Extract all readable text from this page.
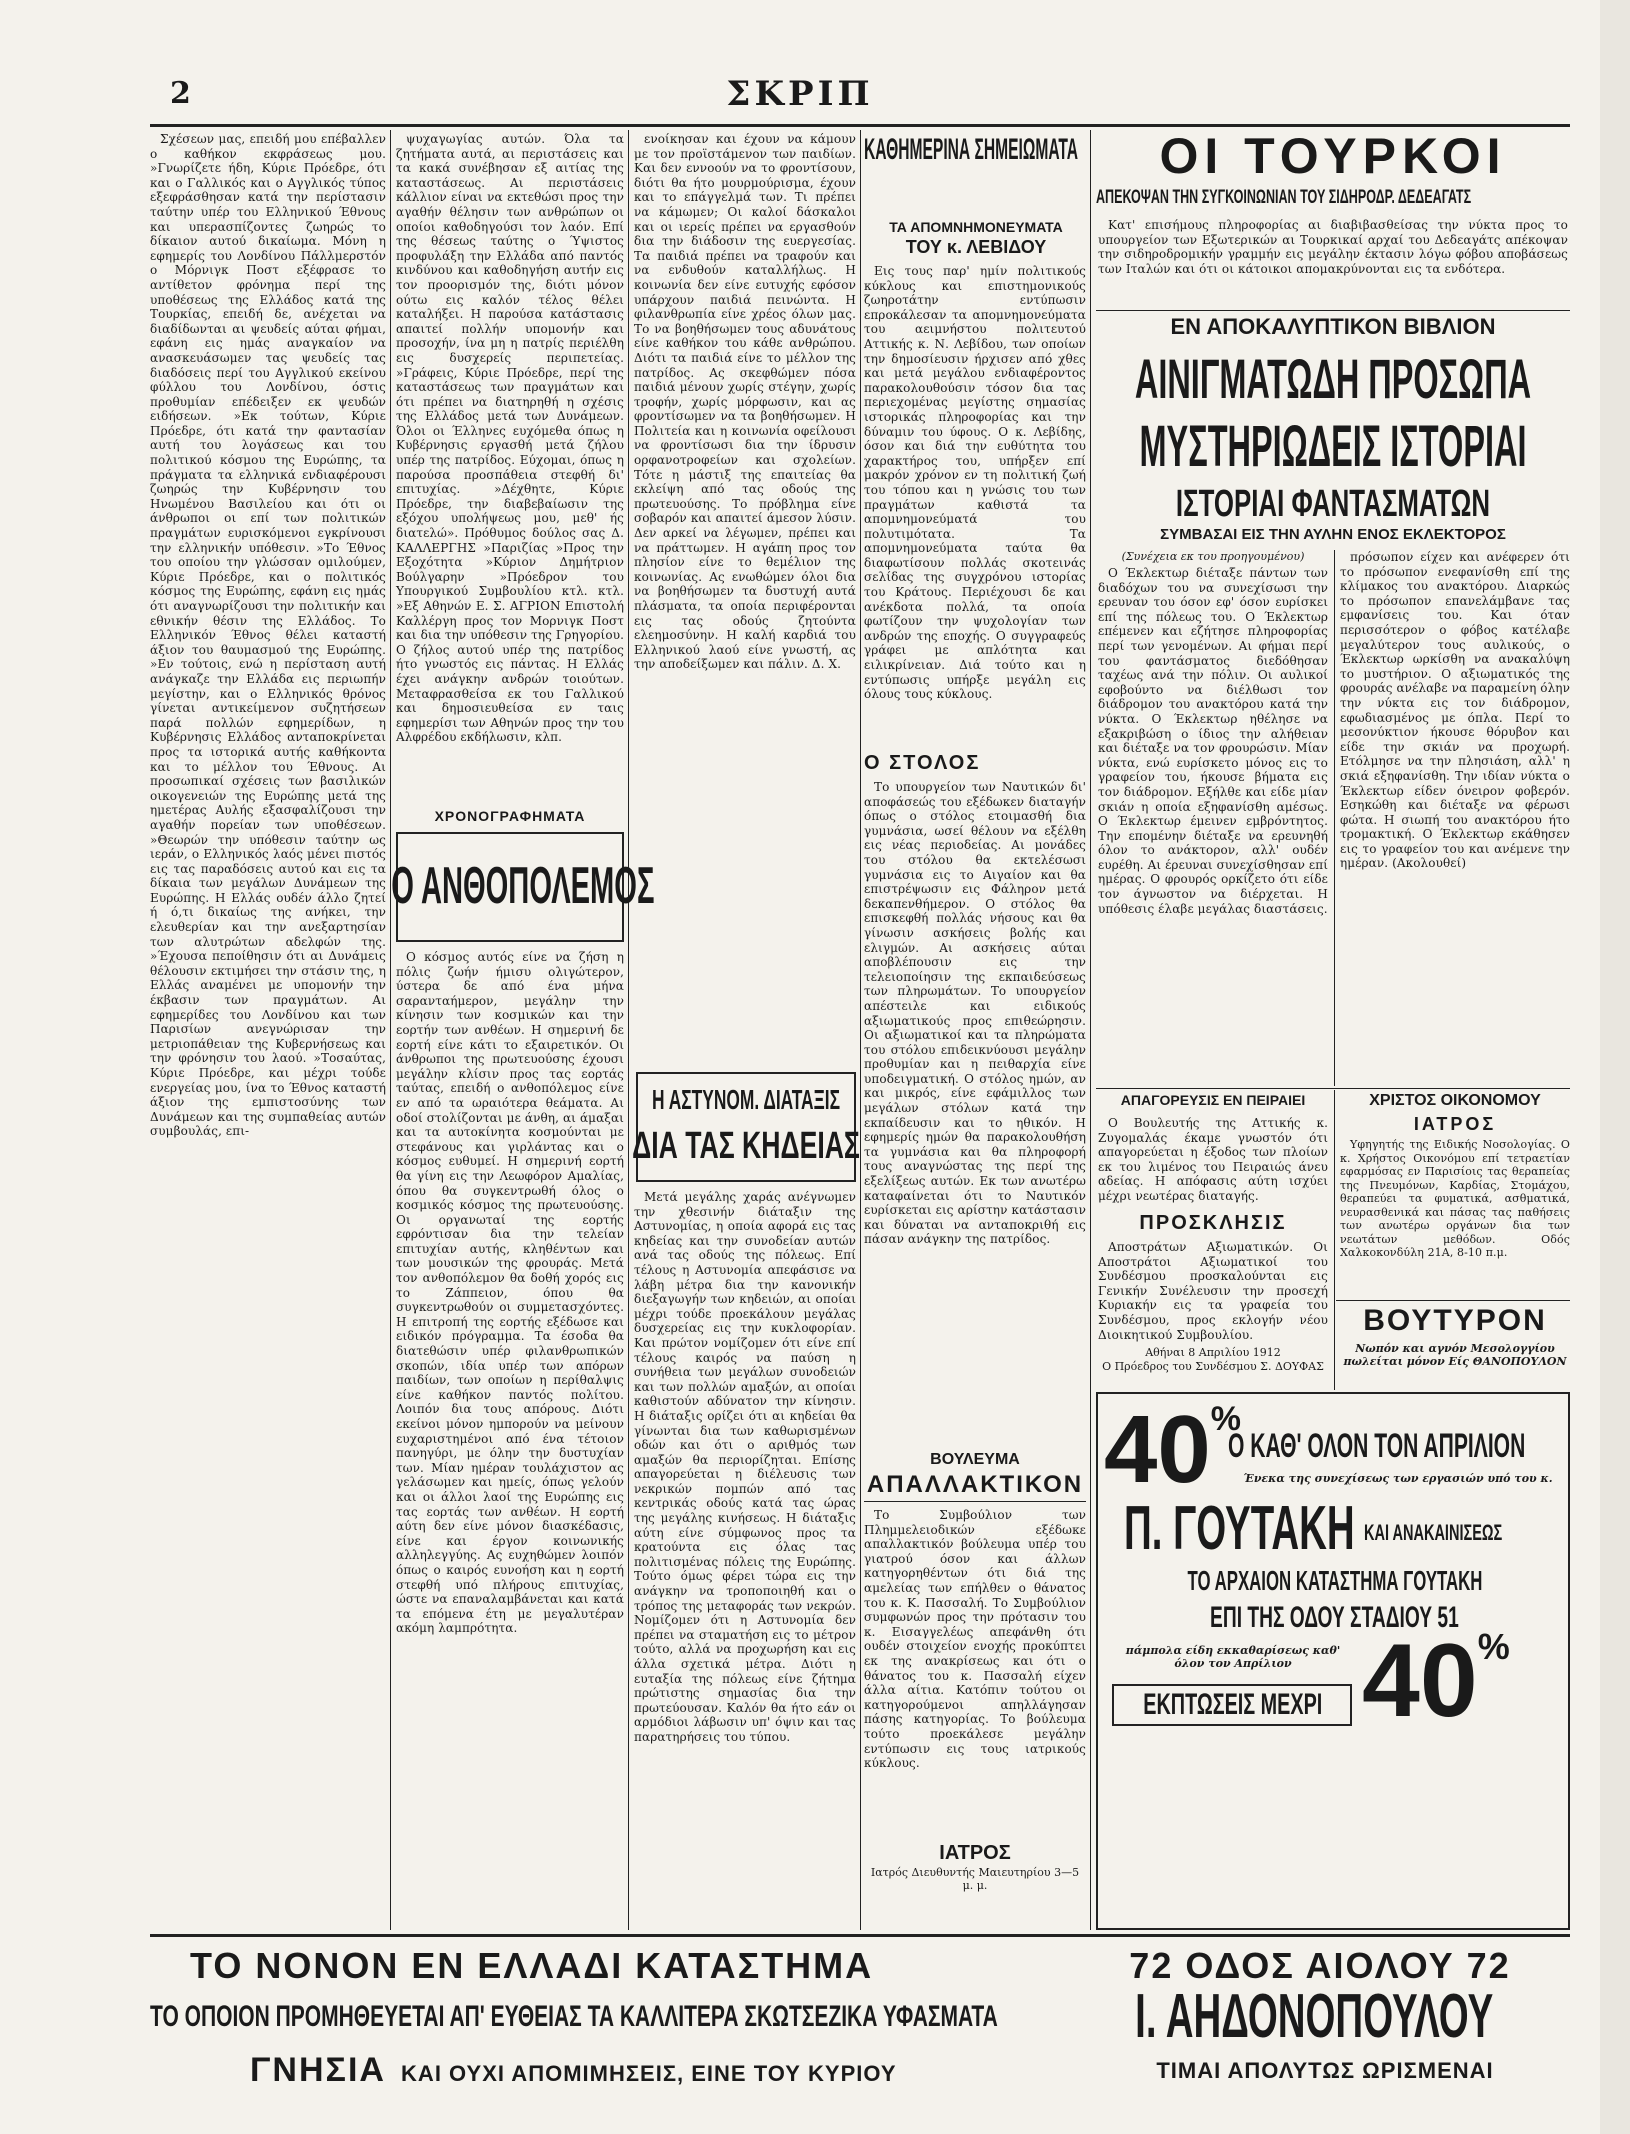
2	ΣΚΡΙΠ

Σχέσεων μας, επειδή μου επέβαλλεν ο καθήκον εκφράσεως μου. »Γνωρίζετε ήδη, Κύριε Πρόεδρε, ότι και ο Γαλλικός και ο Αγγλικός τύπος εξεφράσθησαν κατά την περίστασιν ταύτην υπέρ του Ελληνικού Έθνους και υπερασπίζοντες ζωηρώς το δίκαιον αυτού δικαίωμα. Μόνη η εφημερίς του Λονδίνου Πάλλμερστόν ο Μόρνιγκ Ποστ εξέφρασε το αντίθετον φρόνημα περί της υποθέσεως της Ελλάδος κατά της Τουρκίας, επειδή δε, ανέχεται να διαδίδωνται αι ψευδείς αύται φήμαι, εφάνη εις ημάς αναγκαίον να ανασκευάσωμεν τας ψευδείς τας διαδόσεις περί του Αγγλικού εκείνου φύλλου του Λονδίνου, όστις προθυμίαν επέδειξεν εκ ψευδών ειδήσεων. »Εκ τούτων, Κύριε Πρόεδρε, ότι κατά την φαντασίαν αυτή του λογάσεως και του πολιτικού κόσμου της Ευρώπης, τα πράγματα τα ελληνικά ενδιαφέρουσι ζωηρώς την Κυβέρνησιν του Ηνωμένου Βασιλείου και ότι οι άνθρωποι οι επί των πολιτικών πραγμάτων ευρισκόμενοι εγκρίνουσι την ελληνικήν υπόθεσιν. »Το Έθνος του οποίου την γλώσσαν ομιλούμεν, Κύριε Πρόεδρε, και ο πολιτικός κόσμος της Ευρώπης, εφάνη εις ημάς ότι αναγνωρίζουσι την πολιτικήν και εθνικήν θέσιν της Ελλάδος. Το Ελληνικόν Έθνος θέλει καταστή άξιον του θαυμασμού της Ευρώπης. »Εν τούτοις, ενώ η περίσταση αυτή ανάγκαζε την Ελλάδα εις περιωπήν μεγίστην, και ο Ελληνικός θρόνος γίνεται αντικείμενον συζητήσεων παρά πολλών εφημερίδων, η Κυβέρνησις Ελλάδος ανταποκρίνεται προς τα ιστορικά αυτής καθήκοντα και το μέλλον του Έθνους. Αι προσωπικαί σχέσεις των βασιλικών οικογενειών της Ευρώπης μετά της ημετέρας Αυλής εξασφαλίζουσι την αγαθήν πορείαν των υποθέσεων. »Θεωρών την υπόθεσιν ταύτην ως ιεράν, ο Ελληνικός λαός μένει πιστός εις τας παραδόσεις αυτού και εις τα δίκαια των μεγάλων Δυνάμεων της Ευρώπης. Η Ελλάς ουδέν άλλο ζητεί ή ό,τι δικαίως της ανήκει, την ελευθερίαν και την ανεξαρτησίαν των αλυτρώτων αδελφών της. »Έχουσα πεποίθησιν ότι αι Δυνάμεις θέλουσιν εκτιμήσει την στάσιν της, η Ελλάς αναμένει με υπομονήν την έκβασιν των πραγμάτων. Αι εφημερίδες του Λονδίνου και των Παρισίων ανεγνώρισαν την μετριοπάθειαν της Κυβερνήσεως και την φρόνησιν του λαού. »Τοσαύτας, Κύριε Πρόεδρε, και μέχρι τούδε ενεργείας μου, ίνα το Έθνος καταστή άξιον της εμπιστοσύνης των Δυνάμεων και της συμπαθείας αυτών συμβουλάς, επι-

ψυχαγωγίας αυτών. Όλα τα ζητήματα αυτά, αι περιστάσεις και τα κακά συνέβησαν εξ αιτίας της καταστάσεως. Αι περιστάσεις κάλλιον είναι να εκτεθώσι προς την αγαθήν θέλησιν των ανθρώπων οι οποίοι καθοδηγούσι τον λαόν. Επί της θέσεως ταύτης ο Ύψιστος προφυλάξη την Ελλάδα από παντός κινδύνου και καθοδηγήση αυτήν εις τον προορισμόν της, διότι μόνον ούτω εις καλόν τέλος θέλει καταλήξει. Η παρούσα κατάστασις απαιτεί πολλήν υπομονήν και προσοχήν, ίνα μη η πατρίς περιέλθη εις δυσχερείς περιπετείας. »Γράφεις, Κύριε Πρόεδρε, περί της καταστάσεως των πραγμάτων και ότι πρέπει να διατηρηθή η σχέσις της Ελλάδος μετά των Δυνάμεων. Όλοι οι Έλληνες ευχόμεθα όπως η Κυβέρνησις εργασθή μετά ζήλου υπέρ της πατρίδος. Εύχομαι, όπως η παρούσα προσπάθεια στεφθή δι' επιτυχίας. »Δέχθητε, Κύριε Πρόεδρε, την διαβεβαίωσιν της εξόχου υπολήψεως μου, μεθ' ής διατελώ». Πρόθυμος δούλος σας Δ. ΚΑΛΛΕΡΓΗΣ »Παριζίας »Προς την Εξοχότητα »Κύριον Δημήτριον Βούλγαρην »Πρόεδρον του Υπουργικού Συμβουλίου κτλ. κτλ. »Εξ Αθηνών Ε. Σ. ΑΓΡΙΟΝ Επιστολή Καλλέργη προς τον Μορνιγκ Ποστ και δια την υπόθεσιν της Γρηγορίου. Ο ζήλος αυτού υπέρ της πατρίδος ήτο γνωστός εις πάντας. Η Ελλάς έχει ανάγκην ανδρών τοιούτων. Μεταφρασθείσα εκ του Γαλλικού και δημοσιευθείσα εν ταις εφημερίσι των Αθηνών προς την του Αλφρέδου εκδήλωσιν, κλπ.

ΧΡΟΝΟΓΡΑΦΗΜΑΤΑ
Ο ΑΝΘΟΠΟΛΕΜΟΣ

Ο κόσμος αυτός είνε να ζήση η πόλις ζωήν ήμισυ ολιγώτερον, ύστερα δε από ένα μήνα σαρανταήμερον, μεγάλην την κίνησιν των κοσμικών και την εορτήν των ανθέων. Η σημερινή δε εορτή είνε κάτι το εξαιρετικόν. Οι άνθρωποι της πρωτευούσης έχουσι μεγάλην κλίσιν προς τας εορτάς ταύτας, επειδή ο ανθοπόλεμος είνε εν από τα ωραιότερα θεάματα. Αι οδοί στολίζονται με άνθη, αι άμαξαι και τα αυτοκίνητα κοσμούνται με στεφάνους και γιρλάντας και ο κόσμος ευθυμεί. Η σημερινή εορτή θα γίνη εις την Λεωφόρον Αμαλίας, όπου θα συγκεντρωθή όλος ο κοσμικός κόσμος της πρωτευούσης. Οι οργανωταί της εορτής εφρόντισαν δια την τελείαν επιτυχίαν αυτής, κληθέντων και των μουσικών της φρουράς. Μετά τον ανθοπόλεμον θα δοθή χορός εις το Ζάππειον, όπου θα συγκεντρωθούν οι συμμετασχόντες. Η επιτροπή της εορτής εξέδωσε και ειδικόν πρόγραμμα. Τα έσοδα θα διατεθώσιν υπέρ φιλανθρωπικών σκοπών, ιδία υπέρ των απόρων παιδίων, των οποίων η περίθαλψις είνε καθήκον παντός πολίτου. Λοιπόν δια τους απόρους. Διότι εκείνοι μόνον ημπορούν να μείνουν ευχαριστημένοι από ένα τέτοιον πανηγύρι, με όλην την δυστυχίαν των. Μίαν ημέραν τουλάχιστον ας γελάσωμεν και ημείς, όπως γελούν και οι άλλοι λαοί της Ευρώπης εις τας εορτάς των ανθέων. Η εορτή αύτη δεν είνε μόνον διασκέδασις, είνε και έργον κοινωνικής αλληλεγγύης. Ας ευχηθώμεν λοιπόν όπως ο καιρός ευνοήση και η εορτή στεφθή υπό πλήρους επιτυχίας, ώστε να επαναλαμβάνεται και κατά τα επόμενα έτη με μεγαλυτέραν ακόμη λαμπρότητα.

ενοίκησαν και έχουν να κάμουν με τον προϊστάμενον των παιδίων. Και δεν εννοούν να το φροντίσουν, διότι θα ήτο μουρμούρισμα, έχουν και το επάγγελμά των. Τι πρέπει να κάμωμεν; Οι καλοί δάσκαλοι και οι ιερείς πρέπει να εργασθούν δια την διάδοσιν της ευεργεσίας. Τα παιδιά πρέπει να τραφούν και να ενδυθούν καταλλήλως. Η κοινωνία δεν είνε ευτυχής εφόσον υπάρχουν παιδιά πεινώντα. Η φιλανθρωπία είνε χρέος όλων μας. Το να βοηθήσωμεν τους αδυνάτους είνε καθήκον του κάθε ανθρώπου. Διότι τα παιδιά είνε το μέλλον της πατρίδος. Ας σκεφθώμεν πόσα παιδιά μένουν χωρίς στέγην, χωρίς τροφήν, χωρίς μόρφωσιν, και ας φροντίσωμεν να τα βοηθήσωμεν. Η Πολιτεία και η κοινωνία οφείλουσι να φροντίσωσι δια την ίδρυσιν ορφανοτροφείων και σχολείων. Τότε η μάστιξ της επαιτείας θα εκλείψη από τας οδούς της πρωτευούσης. Το πρόβλημα είνε σοβαρόν και απαιτεί άμεσον λύσιν. Δεν αρκεί να λέγωμεν, πρέπει και να πράττωμεν. Η αγάπη προς τον πλησίον είνε το θεμέλιον της κοινωνίας. Ας ενωθώμεν όλοι δια να βοηθήσωμεν τα δυστυχή αυτά πλάσματα, τα οποία περιφέρονται εις τας οδούς ζητούντα ελεημοσύνην. Η καλή καρδιά του Ελληνικού λαού είνε γνωστή, ας την αποδείξωμεν και πάλιν. Δ. Χ.

Η ΑΣΤΥΝΟΜ. ΔΙΑΤΑΞΙΣ
ΔΙΑ ΤΑΣ ΚΗΔΕΙΑΣ

Μετά μεγάλης χαράς ανέγνωμεν την χθεσινήν διάταξιν της Αστυνομίας, η οποία αφορά εις τας κηδείας και την συνοδείαν αυτών ανά τας οδούς της πόλεως. Επί τέλους η Αστυνομία απεφάσισε να λάβη μέτρα δια την κανονικήν διεξαγωγήν των κηδειών, αι οποίαι μέχρι τούδε προεκάλουν μεγάλας δυσχερείας εις την κυκλοφορίαν. Και πρώτον νομίζομεν ότι είνε επί τέλους καιρός να παύση η συνήθεια των μεγάλων συνοδειών και των πολλών αμαξών, αι οποίαι καθιστούν αδύνατον την κίνησιν. Η διάταξις ορίζει ότι αι κηδείαι θα γίνωνται δια των καθωρισμένων οδών και ότι ο αριθμός των αμαξών θα περιορίζηται. Επίσης απαγορεύεται η διέλευσις των νεκρικών πομπών από τας κεντρικάς οδούς κατά τας ώρας της μεγάλης κινήσεως. Η διάταξις αύτη είνε σύμφωνος προς τα κρατούντα εις όλας τας πολιτισμένας πόλεις της Ευρώπης. Τούτο όμως φέρει τώρα εις την ανάγκην να τροποποιηθή και ο τρόπος της μεταφοράς των νεκρών. Νομίζομεν ότι η Αστυνομία δεν πρέπει να σταματήση εις το μέτρον τούτο, αλλά να προχωρήση και εις άλλα σχετικά μέτρα. Διότι η ευταξία της πόλεως είνε ζήτημα πρώτιστης σημασίας δια την πρωτεύουσαν. Καλόν θα ήτο εάν οι αρμόδιοι λάβωσιν υπ' όψιν και τας παρατηρήσεις του τύπου.

ΚΑΘΗΜΕΡΙΝΑ ΣΗΜΕΙΩΜΑΤΑ
ΤΑ ΑΠΟΜΝΗΜΟΝΕΥΜΑΤΑ
ΤΟΥ κ. ΛΕΒΙΔΟΥ

Εις τους παρ' ημίν πολιτικούς κύκλους και επιστημονικούς ζωηροτάτην εντύπωσιν επροκάλεσαν τα απομνημονεύματα του αειμνήστου πολιτευτού Αττικής κ. Ν. Λεβίδου, των οποίων την δημοσίευσιν ήρχισεν από χθες και μετά μεγάλου ενδιαφέροντος παρακολουθούσιν τόσον δια τας περιεχομένας μεγίστης σημασίας ιστορικάς πληροφορίας και την δύναμιν του ύφους. Ο κ. Λεβίδης, όσον και διά την ευθύτητα του χαρακτήρος του, υπήρξεν επί μακρόν χρόνον εν τη πολιτική ζωή του τόπου και η γνώσις του των πραγμάτων καθιστά τα απομνημονεύματά του πολυτιμότατα. Τα απομνημονεύματα ταύτα θα διαφωτίσουν πολλάς σκοτεινάς σελίδας της συγχρόνου ιστορίας του Κράτους. Περιέχουσι δε και ανέκδοτα πολλά, τα οποία φωτίζουν την ψυχολογίαν των ανδρών της εποχής. Ο συγγραφεύς γράφει με απλότητα και ειλικρίνειαν. Διά τούτο και η εντύπωσις υπήρξε μεγάλη εις όλους τους κύκλους.

Ο ΣΤΟΛΟΣ

Το υπουργείον των Ναυτικών δι' αποφάσεώς του εξέδωκεν διαταγήν όπως ο στόλος ετοιμασθή δια γυμνάσια, ωσεί θέλουν να εξέλθη εις νέας περιοδείας. Αι μονάδες του στόλου θα εκτελέσωσι γυμνάσια εις το Αιγαίον και θα επιστρέψωσιν εις Φάληρον μετά δεκαπενθήμερον. Ο στόλος θα επισκεφθή πολλάς νήσους και θα γίνωσιν ασκήσεις βολής και ελιγμών. Αι ασκήσεις αύται αποβλέπουσιν εις την τελειοποίησιν της εκπαιδεύσεως των πληρωμάτων. Το υπουργείον απέστειλε και ειδικούς αξιωματικούς προς επιθεώρησιν. Οι αξιωματικοί και τα πληρώματα του στόλου επιδεικνύουσι μεγάλην προθυμίαν και η πειθαρχία είνε υποδειγματική. Ο στόλος ημών, αν και μικρός, είνε εφάμιλλος των μεγάλων στόλων κατά την εκπαίδευσιν και το ηθικόν. Η εφημερίς ημών θα παρακολουθήση τα γυμνάσια και θα πληροφορή τους αναγνώστας της περί της εξελίξεως αυτών. Εκ των ανωτέρω καταφαίνεται ότι το Ναυτικόν ευρίσκεται εις αρίστην κατάστασιν και δύναται να ανταποκριθή εις πάσαν ανάγκην της πατρίδος.

ΒΟΥΛΕΥΜΑ
ΑΠΑΛΛΑΚΤΙΚΟΝ

Το Συμβούλιον των Πλημμελειοδικών εξέδωκε απαλλακτικόν βούλευμα υπέρ του γιατρού όσον και άλλων κατηγορηθέντων ότι διά της αμελείας των επήλθεν ο θάνατος του κ. Κ. Πασσαλή. Το Συμβούλιον συμφωνών προς την πρότασιν του κ. Εισαγγελέως απεφάνθη ότι ουδέν στοιχείον ενοχής προκύπτει εκ της ανακρίσεως και ότι ο θάνατος του κ. Πασσαλή είχεν άλλα αίτια. Κατόπιν τούτου οι κατηγορούμενοι απηλλάγησαν πάσης κατηγορίας. Το βούλευμα τούτο προεκάλεσε μεγάλην εντύπωσιν εις τους ιατρικούς κύκλους.

ΙΑΤΡΟΣ
Ιατρός Διευθυντής Μαιευτηρίου 3—5 μ. μ.
ΟΙ ΤΟΥΡΚΟΙ
ΑΠΕΚΟΨΑΝ ΤΗΝ ΣΥΓΚΟΙΝΩΝΙΑΝ ΤΟΥ ΣΙΔΗΡΟΔΡ. ΔΕΔΕΑΓΑΤΣ

Κατ' επισήμους πληροφορίας αι διαβιβασθείσας την νύκτα προς το υπουργείον των Εξωτερικών αι Τουρκικαί αρχαί του Δεδεαγάτς απέκοψαν την σιδηροδρομικήν γραμμήν εις μεγάλην έκτασιν λόγω φόβου αποβάσεως των Ιταλών και ότι οι κάτοικοι απομακρύνονται εις τα ενδότερα.

ΕΝ ΑΠΟΚΑΛΥΠΤΙΚΟΝ ΒΙΒΛΙΟΝ
ΑΙΝΙΓΜΑΤΩΔΗ ΠΡΟΣΩΠΑ
ΜΥΣΤΗΡΙΩΔΕΙΣ ΙΣΤΟΡΙΑΙ
ΙΣΤΟΡΙΑΙ ΦΑΝΤΑΣΜΑΤΩΝ
ΣΥΜΒΑΣΑΙ ΕΙΣ ΤΗΝ ΑΥΛΗΝ ΕΝΟΣ ΕΚΛΕΚΤΟΡΟΣ
(Συνέχεια εκ του προηγουμένου)

Ο Έκλεκτωρ διέταξε πάντων των διαδόχων του να συνεχίσωσι την ερευναν του όσον εφ' όσον ευρίσκει επί της πόλεως του. Ο Έκλεκτωρ επέμενεν και εζήτησε πληροφορίας περί των γενομένων. Αι φήμαι περί του φαντάσματος διεδόθησαν ταχέως ανά την πόλιν. Οι αυλικοί εφοβούντο να διέλθωσι τον διάδρομον του ανακτόρου κατά την νύκτα. Ο Έκλεκτωρ ηθέλησε να εξακριβώση ο ίδιος την αλήθειαν και διέταξε να τον φρουρώσιν. Μίαν νύκτα, ενώ ευρίσκετο μόνος εις το γραφείον του, ήκουσε βήματα εις τον διάδρομον. Εξήλθε και είδε μίαν σκιάν η οποία εξηφανίσθη αμέσως. Ο Έκλεκτωρ έμεινεν εμβρόντητος. Την επομένην διέταξε να ερευνηθή όλον το ανάκτορον, αλλ' ουδέν ευρέθη. Αι έρευναι συνεχίσθησαν επί ημέρας. Ο φρουρός ορκίζετο ότι είδε τον άγνωστον να διέρχεται. Η υπόθεσις έλαβε μεγάλας διαστάσεις.

πρόσωπον είχεν και ανέφερεν ότι το πρόσωπον ενεφανίσθη επί της κλίμακος του ανακτόρου. Διαρκώς το πρόσωπον επανελάμβανε τας εμφανίσεις του. Και όταν περισσότερον ο φόβος κατέλαβε μεγαλύτερον τους αυλικούς, ο Έκλεκτωρ ωρκίσθη να ανακαλύψη το μυστήριον. Ο αξιωματικός της φρουράς ανέλαβε να παραμείνη όλην την νύκτα εις τον διάδρομον, εφωδιασμένος με όπλα. Περί το μεσονύκτιον ήκουσε θόρυβον και είδε την σκιάν να προχωρή. Ετόλμησε να την πλησιάση, αλλ' η σκιά εξηφανίσθη. Την ιδίαν νύκτα ο Έκλεκτωρ είδεν όνειρον φοβερόν. Εσηκώθη και διέταξε να φέρωσι φώτα. Η σιωπή του ανακτόρου ήτο τρομακτική. Ο Έκλεκτωρ εκάθησεν εις το γραφείον του και ανέμενε την ημέραν. (Ακολουθεί)

ΑΠΑΓΟΡΕΥΣΙΣ ΕΝ ΠΕΙΡΑΙΕΙ

Ο Βουλευτής της Αττικής κ. Ζυγομαλάς έκαμε γνωστόν ότι απαγορεύεται η έξοδος των πλοίων εκ του λιμένος του Πειραιώς άνευ αδείας. Η απόφασις αύτη ισχύει μέχρι νεωτέρας διαταγής.

ΠΡΟΣΚΛΗΣΙΣ

Αποστράτων Αξιωματικών. Οι Αποστράτοι Αξιωματικοί του Συνδέσμου προσκαλούνται εις Γενικήν Συνέλευσιν την προσεχή Κυριακήν εις τα γραφεία του Συνδέσμου, προς εκλογήν νέου Διοικητικού Συμβουλίου.

Αθήναι 8 Απριλίου 1912
Ο Πρόεδρος του Συνδέσμου Σ. ΔΟΥΦΑΣ
ΧΡΙΣΤΟΣ ΟΙΚΟΝΟΜΟΥ
ΙΑΤΡΟΣ

Υφηγητής της Ειδικής Νοσολογίας. Ο κ. Χρήστος Οικονόμου επί τετραετίαν εφαρμόσας εν Παρισίοις τας θεραπείας της Πνευμόνων, Καρδίας, Στομάχου, θεραπεύει τα φυματικά, ασθματικά, νευρασθενικά και πάσας τας παθήσεις των ανωτέρω οργάνων δια των νεωτάτων μεθόδων. Οδός Χαλκοκονδύλη 21Α, 8-10 π.μ.

ΒΟΥΤΥΡΟΝ
Νωπόν και αγνόν Μεσολογγίου πωλείται μόνον Είς ΘΑΝΟΠΟΥΛΟΝ
40%
Ο ΚΑΘ' ΟΛΟΝ ΤΟΝ ΑΠΡΙΛΙΟΝ
Ένεκα της συνεχίσεως των εργασιών υπό του κ.
Π. ΓΟΥΤΑΚΗ ΚΑΙ ΑΝΑΚΑΙΝΙΣΕΩΣ
ΤΟ ΑΡΧΑΙΟΝ ΚΑΤΑΣΤΗΜΑ ΓΟΥΤΑΚΗ
ΕΠΙ ΤΗΣ ΟΔΟΥ ΣΤΑΔΙΟΥ 51
πάμπολα είδη εκκαθαρίσεως καθ' όλον τον Απρίλιον
ΕΚΠΤΩΣΕΙΣ ΜΕΧΡΙ 40%
ΤΟ ΝΟΝΟΝ ΕΝ ΕΛΛΑΔΙ ΚΑΤΑΣΤΗΜΑ	72 ΟΔΟΣ ΑΙΟΛΟΥ 72
ΤΟ ΟΠΟΙΟΝ ΠΡΟΜΗΘΕΥΕΤΑΙ ΑΠ' ΕΥΘΕΙΑΣ ΤΑ ΚΑΛΛΙΤΕΡΑ ΣΚΩΤΣΕΖΙΚΑ ΥΦΑΣΜΑΤΑ	Ι. ΑΗΔΟΝΟΠΟΥΛΟΥ
ΓΝΗΣΙΑ ΚΑΙ ΟΥΧΙ ΑΠΟΜΙΜΗΣΕΙΣ, ΕΙΝΕ ΤΟΥ ΚΥΡΙΟΥ	ΤΙΜΑΙ ΑΠΟΛΥΤΩΣ ΩΡΙΣΜΕΝΑΙ
